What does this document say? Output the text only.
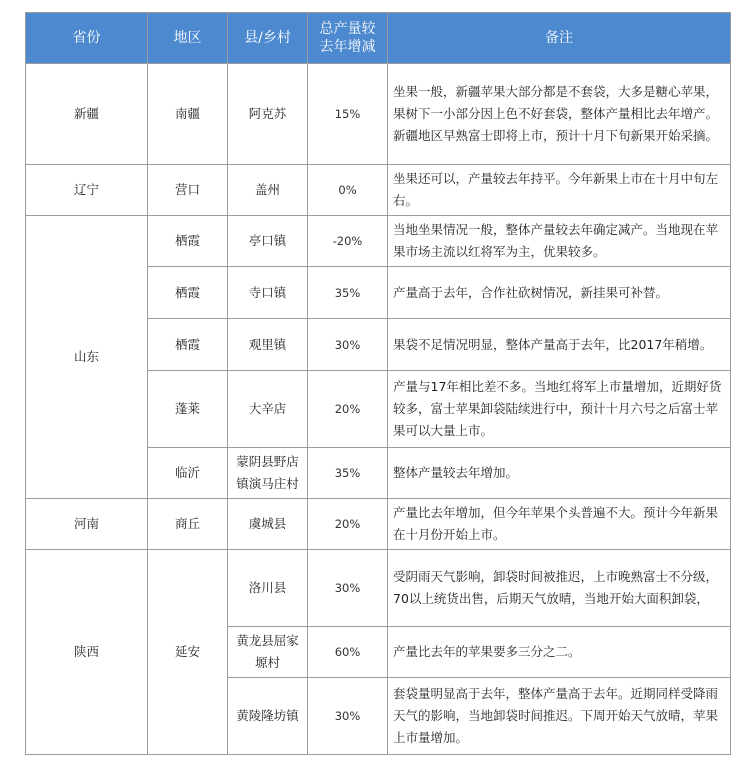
省份	地区	县/乡村	总产量较去年增减	备注
新疆	南疆	阿克苏	15%	坐果一般，新疆苹果大部分都是不套袋，大多是糖心苹果，果树下一小部分因上色不好套袋，整体产量相比去年增产。新疆地区早熟富士即将上市，预计十月下旬新果开始采摘。
辽宁	营口	盖州	0%	坐果还可以，产量较去年持平。今年新果上市在十月中旬左右。
山东	栖霞	亭口镇	-20%	当地坐果情况一般，整体产量较去年确定减产。当地现在苹果市场主流以红将军为主，优果较多。
	栖霞	寺口镇	35%	产量高于去年，合作社砍树情况，新挂果可补替。
	栖霞	观里镇	30%	果袋不足情况明显，整体产量高于去年，比2017年稍增。
	蓬莱	大辛店	20%	产量与17年相比差不多。当地红将军上市量增加，近期好货较多，富士苹果卸袋陆续进行中，预计十月六号之后富士苹果可以大量上市。
	临沂	蒙阴县野店镇演马庄村	35%	整体产量较去年增加。
河南	商丘	虞城县	20%	产量比去年增加，但今年苹果个头普遍不大。预计今年新果在十月份开始上市。
陕西	延安	洛川县	30%	受阴雨天气影响，卸袋时间被推迟，上市晚熟富士不分级，70以上统货出售，后期天气放晴，当地开始大面积卸袋，
		黄龙县屈家塬村	60%	产量比去年的苹果要多三分之二。
		黄陵隆坊镇	30%	套袋量明显高于去年，整体产量高于去年。近期同样受降雨天气的影响，当地卸袋时间推迟。下周开始天气放晴，苹果上市量增加。
